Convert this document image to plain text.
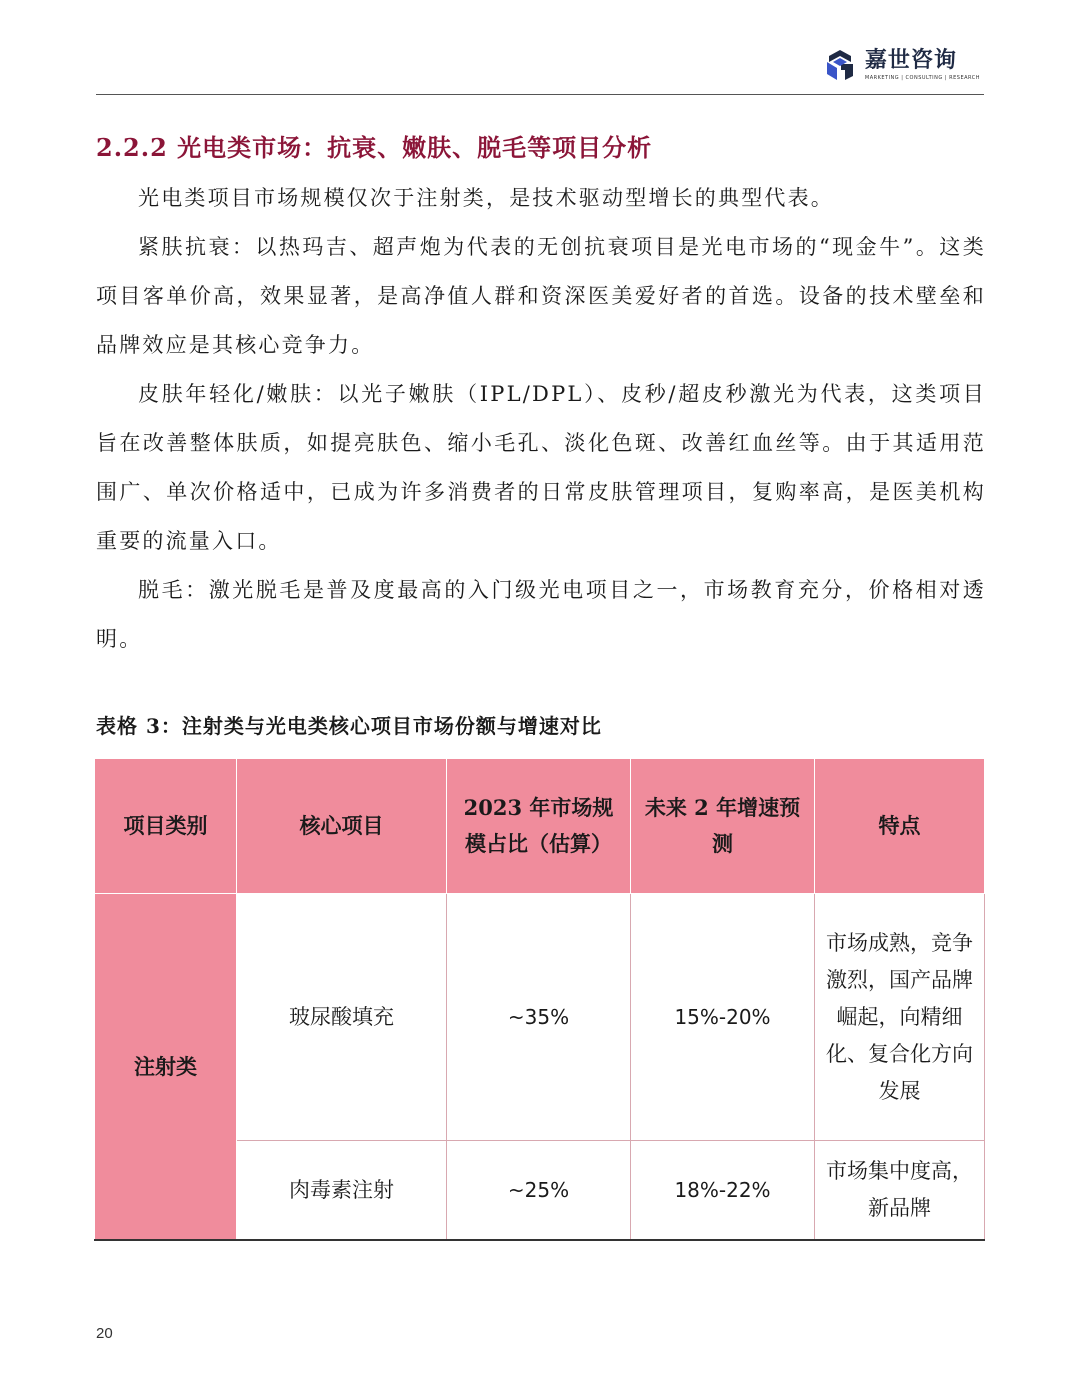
嘉世咨询
MARKETING | CONSULTING | RESEARCH
2.2.2 光电类市场：抗衰、嫩肤、脱毛等项目分析

光电类项目市场规模仅次于注射类，是技术驱动型增长的典型代表。

紧肤抗衰：以热玛吉、超声炮为代表的无创抗衰项目是光电市场的“现金牛”。这类项目客单价高，效果显著，是高净值人群和资深医美爱好者的首选。设备的技术壁垒和品牌效应是其核心竞争力。

皮肤年轻化/嫩肤：以光子嫩肤（IPL/DPL）、皮秒/超皮秒激光为代表，这类项目旨在改善整体肤质，如提亮肤色、缩小毛孔、淡化色斑、改善红血丝等。由于其适用范围广、单次价格适中，已成为许多消费者的日常皮肤管理项目，复购率高，是医美机构重要的流量入口。

脱毛：激光脱毛是普及度最高的入门级光电项目之一，市场教育充分，价格相对透明。

表格 3：注射类与光电类核心项目市场份额与增速对比
项目类别	核心项目	2023 年市场规模占比（估算）	未来 2 年增速预测	特点
注射类	玻尿酸填充	~35%	15%-20%	市场成熟，竞争激烈，国产品牌崛起，向精细化、复合化方向发展
	肉毒素注射	~25%	18%-22%	市场集中度高，新品牌
20
